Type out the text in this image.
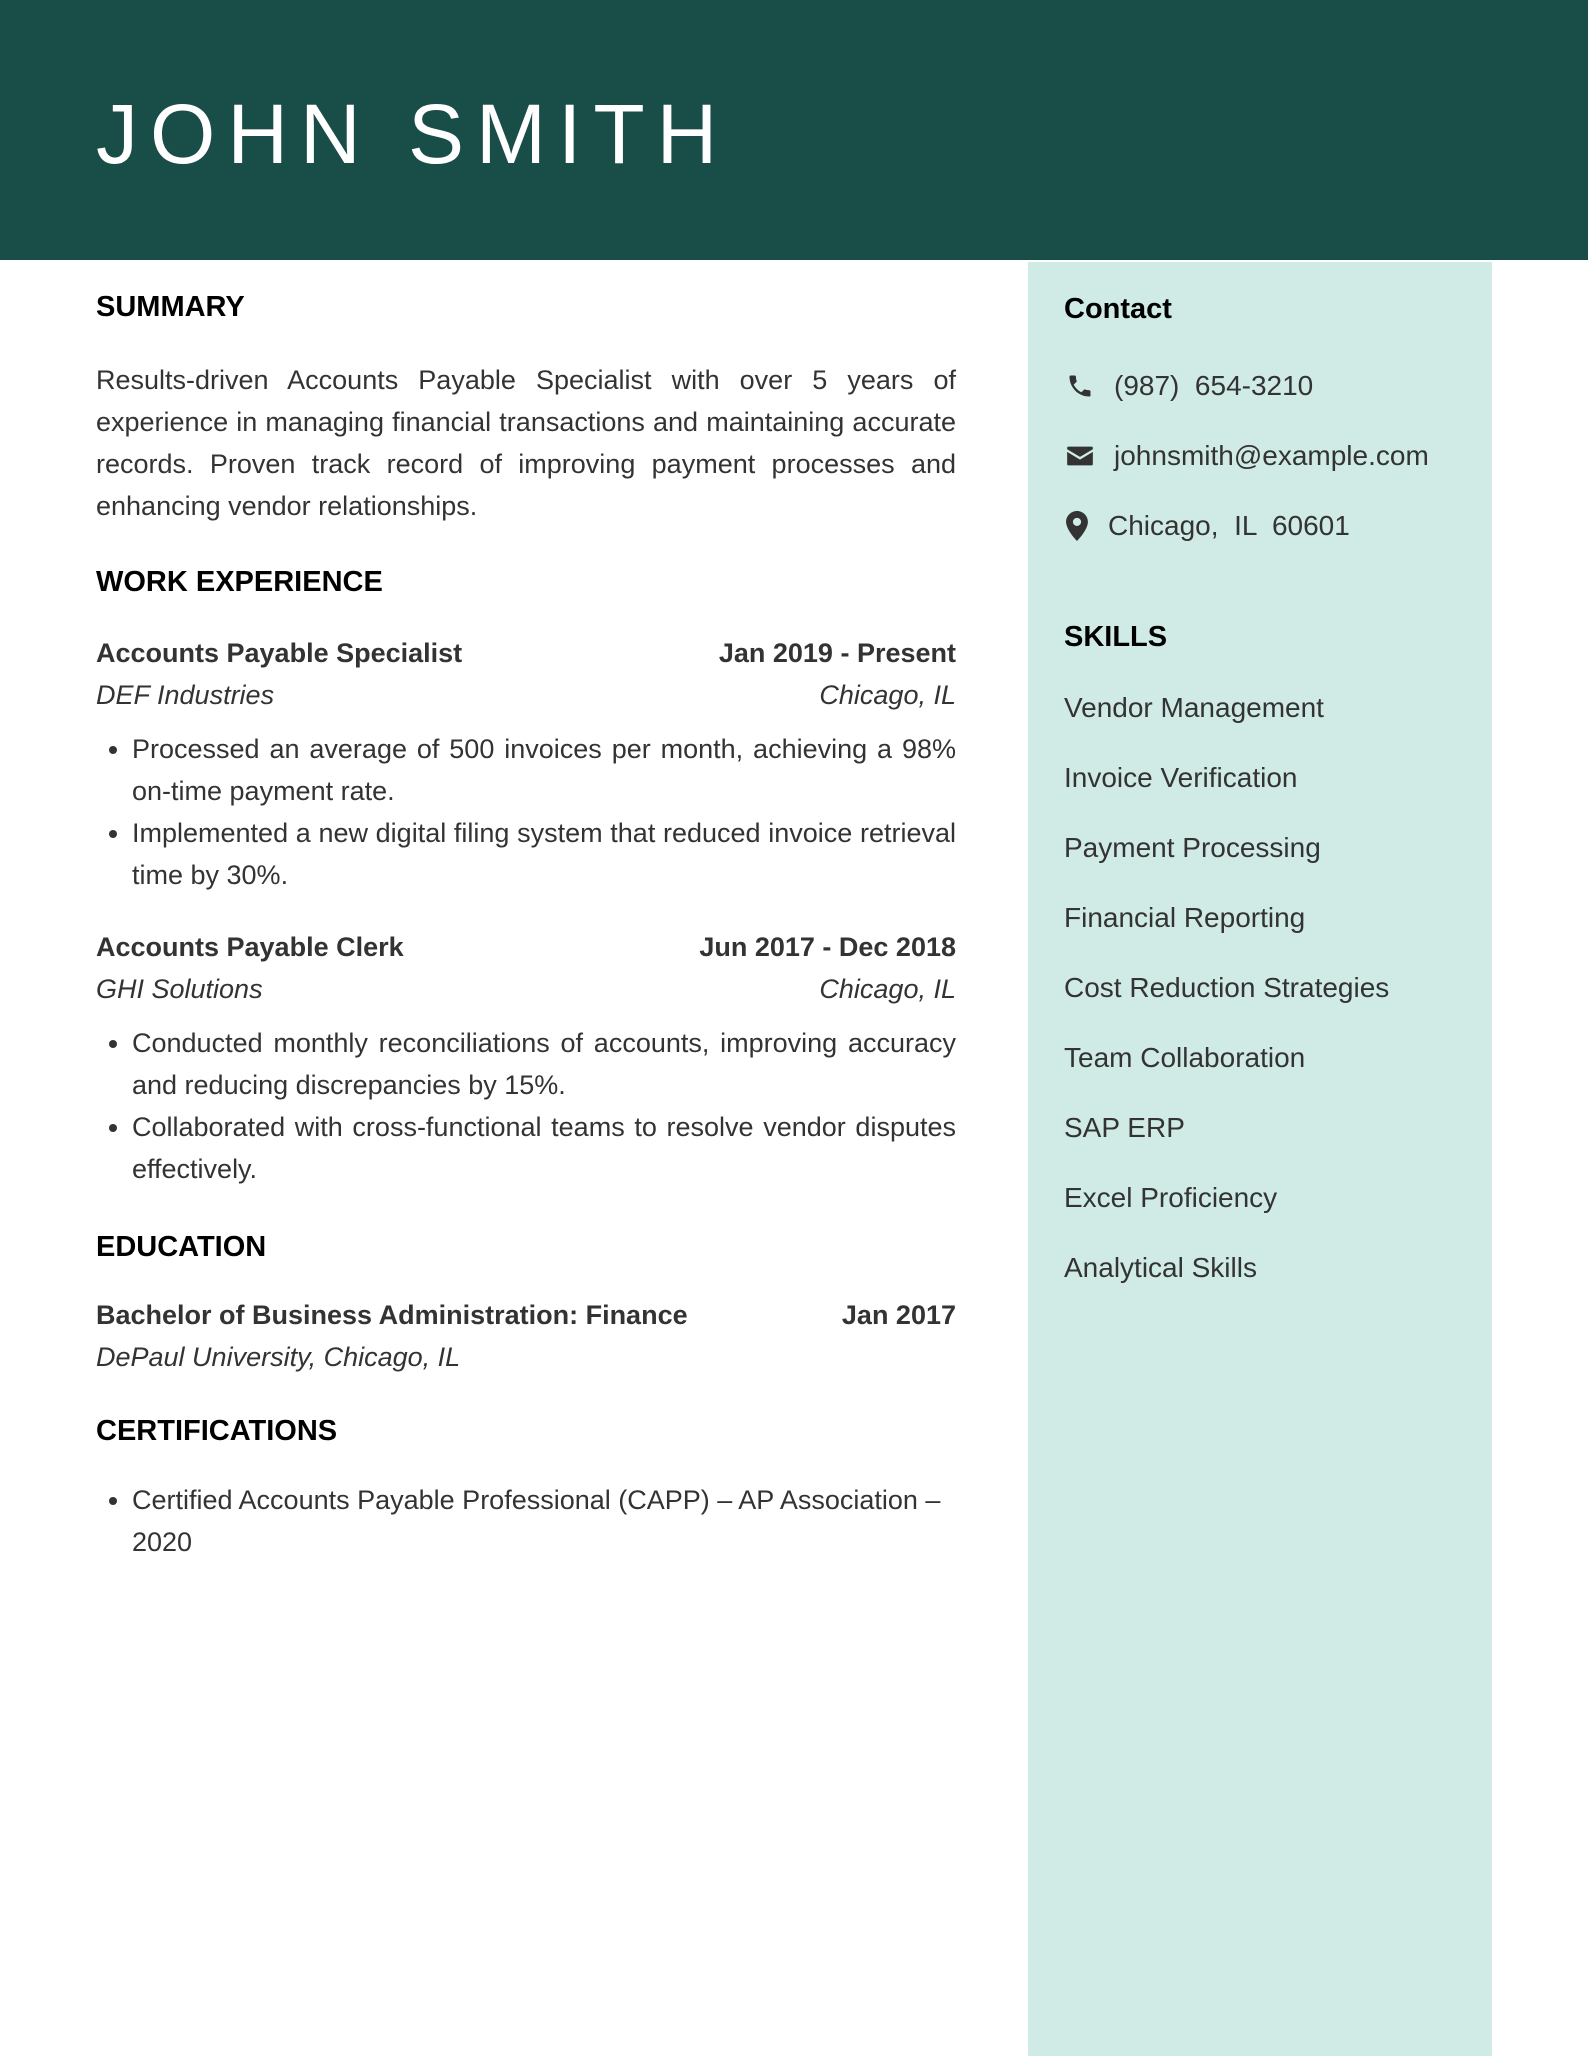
JOHN SMITH
SUMMARY

Results-driven Accounts Payable Specialist with over 5 years of experience in managing financial transactions and maintaining accurate records. Proven track record of improving payment processes and enhancing vendor relationships.

WORK EXPERIENCE
Accounts Payable Specialist	Jan 2019 - Present
DEF Industries	Chicago, IL
• Processed an average of 500 invoices per month, achieving a 98% on-time payment rate.
• Implemented a new digital filing system that reduced invoice retrieval time by 30%.
Accounts Payable Clerk	Jun 2017 - Dec 2018
GHI Solutions	Chicago, IL
• Conducted monthly reconciliations of accounts, improving accuracy and reducing discrepancies by 15%.
• Collaborated with cross-functional teams to resolve vendor disputes effectively.
EDUCATION
Bachelor of Business Administration: Finance	Jan 2017
DePaul University, Chicago, IL
CERTIFICATIONS
• Certified Accounts Payable Professional (CAPP) – AP Association – 2020
Contact
(987)  654-3210
johnsmith@example.com
Chicago,  IL  60601
SKILLS
Vendor Management
Invoice Verification
Payment Processing
Financial Reporting
Cost Reduction Strategies
Team Collaboration
SAP ERP
Excel Proficiency
Analytical Skills
